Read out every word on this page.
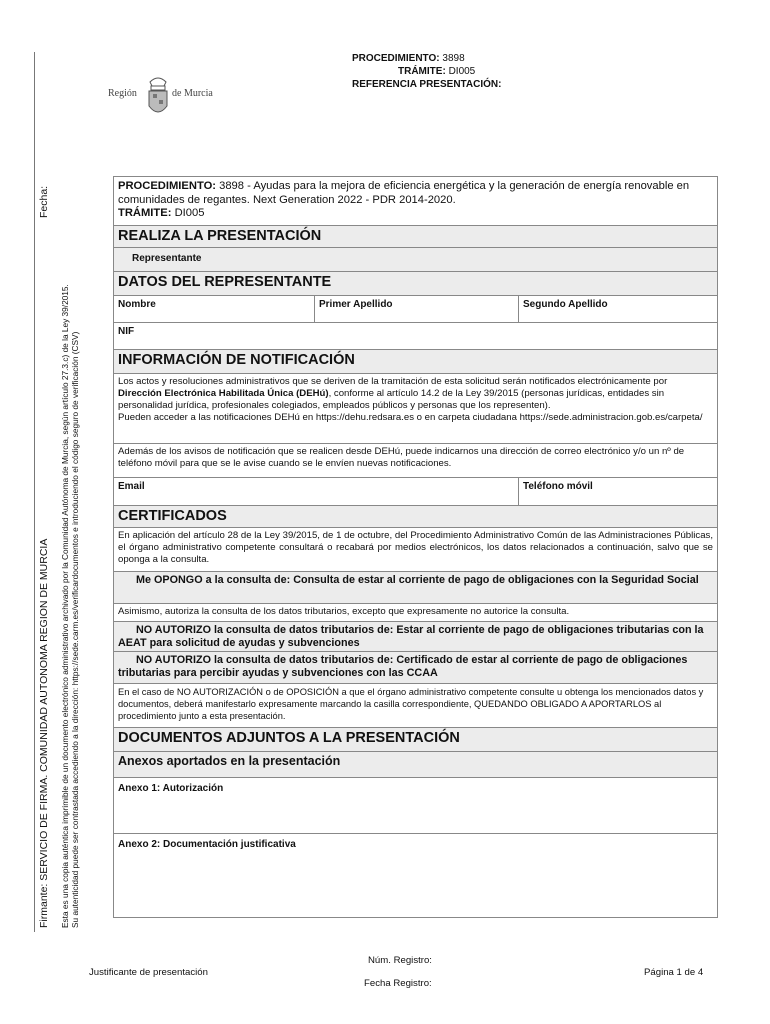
Firmante: SERVICIO DE FIRMA. COMUNIDAD AUTONOMA REGION DE MURCIA Esta es una copia auténtica imprimible de un documento electrónico administrativo archivado por la Comunidad Autónoma de Murcia, según artículo 27.3.c) de la Ley 39/2015. Su autenticidad puede ser contrastada accediendo a la dirección: https://sede.carm.es/verificardocumentos e introduciendo el código seguro de verificación (CSV)
Fecha:
Región	de Murcia
PROCEDIMIENTO: 3898
TRÁMITE: DI005
REFERENCIA PRESENTACIÓN:
PROCEDIMIENTO: 3898 - Ayudas para la mejora de eficiencia energética y la generación de energía renovable en comunidades de regantes. Next Generation 2022 - PDR 2014-2020.
TRÁMITE: DI005
REALIZA LA PRESENTACIÓN
Representante
DATOS DEL REPRESENTANTE
Nombre	Primer Apellido	Segundo Apellido
NIF
INFORMACIÓN DE NOTIFICACIÓN
Los actos y resoluciones administrativos que se deriven de la tramitación de esta solicitud serán notificados electrónicamente por Dirección Electrónica Habilitada Única (DEHú), conforme al artículo 14.2 de la Ley 39/2015 (personas jurídicas, entidades sin personalidad jurídica, profesionales colegiados, empleados públicos y personas que los representen).
Pueden acceder a las notificaciones DEHú en https://dehu.redsara.es o en carpeta ciudadana https://sede.administracion.gob.es/carpeta/
Además de los avisos de notificación que se realicen desde DEHú, puede indicarnos una dirección de correo electrónico y/o un nº de teléfono móvil para que se le avise cuando se le envíen nuevas notificaciones.
Email	Teléfono móvil
CERTIFICADOS
En aplicación del artículo 28 de la Ley 39/2015, de 1 de octubre, del Procedimiento Administrativo Común de las Administraciones Públicas, el órgano administrativo competente consultará o recabará por medios electrónicos, los datos relacionados a continuación, salvo que se oponga a la consulta.
Me OPONGO a la consulta de: Consulta de estar al corriente de pago de obligaciones con la Seguridad Social
Asimismo, autoriza la consulta de los datos tributarios, excepto que expresamente no autorice la consulta.
NO AUTORIZO la consulta de datos tributarios de: Estar al corriente de pago de obligaciones tributarias con la AEAT para solicitud de ayudas y subvenciones
NO AUTORIZO la consulta de datos tributarios de: Certificado de estar al corriente de pago de obligaciones tributarias para percibir ayudas y subvenciones con las CCAA
En el caso de NO AUTORIZACIÓN o de OPOSICIÓN a que el órgano administrativo competente consulte u obtenga los mencionados datos y documentos, deberá manifestarlo expresamente marcando la casilla correspondiente, QUEDANDO OBLIGADO A APORTARLOS al procedimiento junto a esta presentación.
DOCUMENTOS ADJUNTOS A LA PRESENTACIÓN
Anexos aportados en la presentación
Anexo 1: Autorización
Anexo 2: Documentación justificativa
Núm. Registro:
Justificante de presentación	Página 1 de 4
Fecha Registro:
